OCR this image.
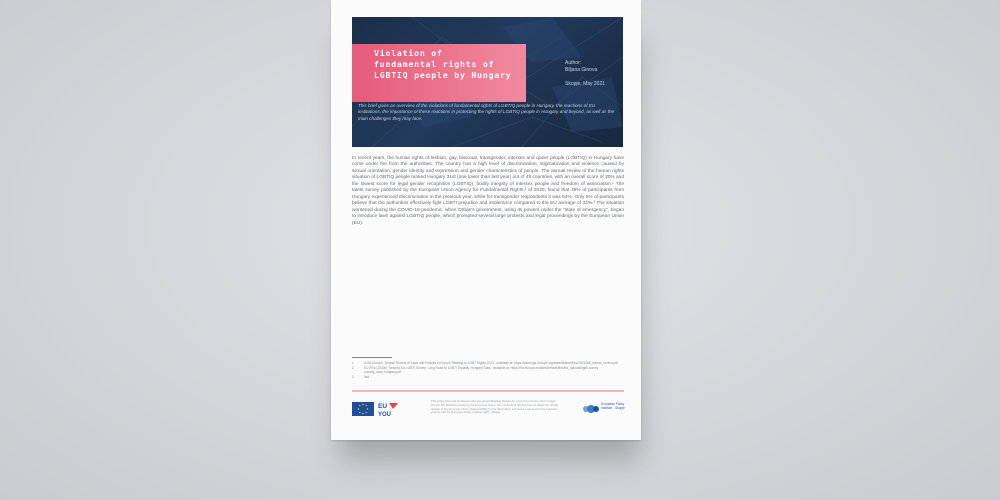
Violation of

fundamental rights of

LGBTIQ people by Hungary

Author:
Biljana Ginova
Skopje, May 2021
This brief gives an overview of the violations of fundamental rights of LGBTIQ people in Hungary, the reactions of EU institutions, the importance of these reactions in protecting the rights of LGBTIQ people in Hungary and beyond, as well as the main challenges they may face.
In recent years, the human rights of lesbian, gay, bisexual, transgender, intersex and queer people (LGBTIQ) in Hungary have come under fire from the authorities. The country has a high level of discrimination, stigmatization and violence caused by sexual orientation, gender identity and expression and gender characteristics of people. The annual review of the human rights situation of LGBTIQ people ranked Hungary 31st (one lower than last year) out of 49 countries, with an overall score of 30% and the lowest score for legal gender recognition (LGBTIQ), bodily integrity of intersex people and freedom of association.¹ The latest survey published by the European Union Agency for Fundamental Rights,² of 2020, found that 49% of participants from Hungary experienced discrimination in the previous year, while for transgender respondents it was 64%. Only 5% of participants believe that the authorities effectively fight LGBTI prejudice and intolerance compared to the EU average of 33%.³ The situation worsened during the COVID-19 pandemic, when Orbán's government, using its powers under the "state of emergency", began to introduce laws against LGBTIQ people, which prompted several large protests and legal proceedings by the European Union (EU).
1	ILGA-Europe, 'Annual Review of Laws and Policies in Europe Relating to LGBT Rights 2021', available at: https://www.ilga-europe.org/sites/default/files/2021/full_annual_review.pdf
2	EU FRA (2020b) 'Second EU LGBTI Survey: Long Road to LGBTI Equality, Hungary Data', available at: https://fra.europa.eu/sites/default/files/fra_uploads/lgbti-survey-country_data_hungary.pdf
3	Ibid.
EU
YOU
This policy brief was produced under the project Building Bridges for a Common Future. Part of Jean Monnet EU Activities funded by the European Union. The contents of this brief do not reflect the official opinion of the European Union. Responsibility for the information and views expressed in the brief lies entirely with the European Policy Institute (EPI) - Skopje.
European Policy Institute - Skopje
